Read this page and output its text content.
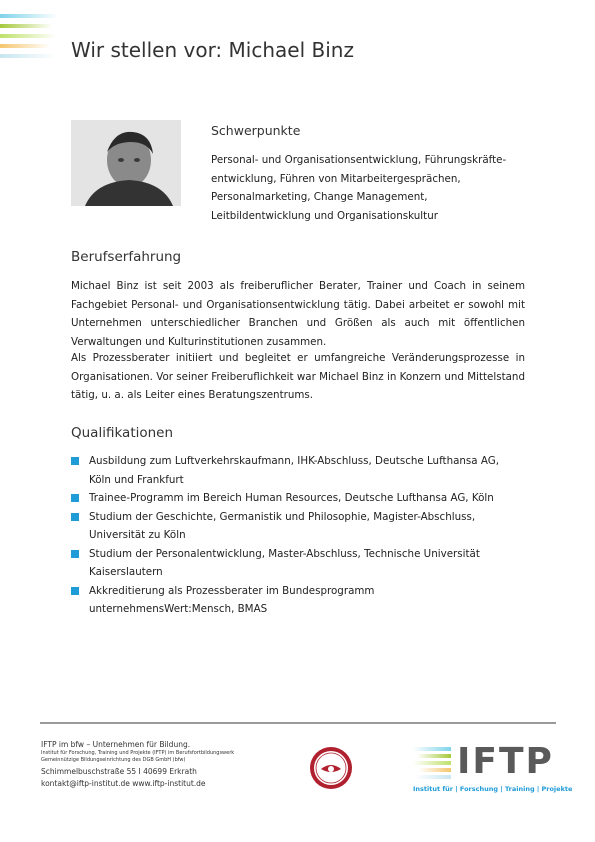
Wir stellen vor: Michael Binz
Schwerpunkte
Personal- und Organisationsentwicklung, Führungskräfte-
entwicklung, Führen von Mitarbeitergesprächen,
Personalmarketing, Change Management,
Leitbildentwicklung und Organisationskultur
Berufserfahrung
Michael Binz ist seit 2003 als freiberuflicher Berater, Trainer und Coach in seinem Fachgebiet Personal- und Organisationsentwicklung tätig. Dabei arbeitet er sowohl mit Unternehmen unterschiedlicher Branchen und Größen als auch mit öffentlichen Verwaltungen und Kulturinstitutionen zusammen.
Als Prozessberater initiiert und begleitet er umfangreiche Veränderungsprozesse in Organisationen. Vor seiner Freiberuflichkeit war Michael Binz in Konzern und Mittelstand tätig, u. a. als Leiter eines Beratungszentrums.
Qualifikationen
Ausbildung zum Luftverkehrskaufmann, IHK-Abschluss, Deutsche Lufthansa AG,
Köln und Frankfurt
Trainee-Programm im Bereich Human Resources, Deutsche Lufthansa AG, Köln
Studium der Geschichte, Germanistik und Philosophie, Magister-Abschluss,
Universität zu Köln
Studium der Personalentwicklung, Master-Abschluss, Technische Universität
Kaiserslautern
Akkreditierung als Prozessberater im Bundesprogramm
unternehmensWert:Mensch, BMAS
IFTP im bfw – Unternehmen für Bildung.
Institut für Forschung, Training und Projekte (IFTP) im Berufsfortbildungswerk
Gemeinnützige Bildungseinrichtung des DGB GmbH (bfw)
Schimmelbuschstraße 55 I 40699 Erkrath
kontakt@iftp-institut.de www.iftp-institut.de
IFTP
Institut für | Forschung | Training | Projekte
